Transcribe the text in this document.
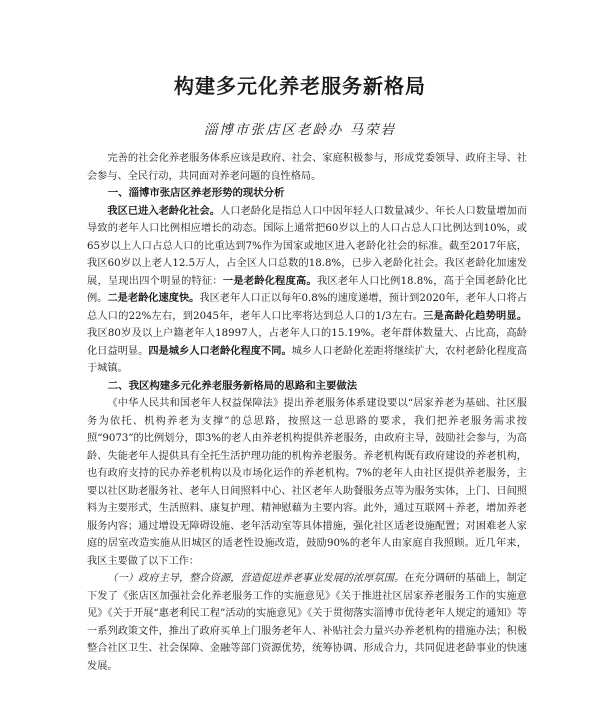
构建多元化养老服务新格局
淄博市张店区老龄办 马荣岩

完善的社会化养老服务体系应该是政府、社会、家庭积极参与，形成党委领导、政府主导、社会参与、全民行动，共同面对养老问题的良性格局。

一、淄博市张店区养老形势的现状分析

我区已进入老龄化社会。人口老龄化是指总人口中因年轻人口数量减少、年长人口数量增加而导致的老年人口比例相应增长的动态。国际上通常把60岁以上的人口占总人口比例达到10%，或65岁以上人口占总人口的比重达到7%作为国家或地区进入老龄化社会的标准。截至2017年底，我区60岁以上老人12.5万人，占全区人口总数的18.8%，已步入老龄化社会。我区老龄化加速发展，呈现出四个明显的特征：一是老龄化程度高。我区老年人口比例18.8%，高于全国老龄化比例。二是老龄化速度快。我区老年人口正以每年0.8%的速度递增，预计到2020年，老年人口将占总人口的22%左右，到2045年，老年人口比率将达到总人口的1/3左右。三是高龄化趋势明显。我区80岁及以上户籍老年人18997人，占老年人口的15.19%。老年群体数量大、占比高，高龄化日益明显。四是城乡人口老龄化程度不同。城乡人口老龄化差距将继续扩大，农村老龄化程度高于城镇。

二、我区构建多元化养老服务新格局的思路和主要做法

《中华人民共和国老年人权益保障法》提出养老服务体系建设要以“居家养老为基础、社区服务为依托、机构养老为支撑”的总思路，按照这一总思路的要求，我们把养老服务需求按照“9073”的比例划分，即3%的老人由养老机构提供养老服务，由政府主导，鼓励社会参与，为高龄、失能老年人提供具有全托生活护理功能的机构养老服务。养老机构既有政府建设的养老机构，也有政府支持的民办养老机构以及市场化运作的养老机构。7%的老年人由社区提供养老服务，主要以社区助老服务社、老年人日间照料中心、社区老年人助餐服务点等为服务实体，上门、日间照料为主要形式，生活照料、康复护理、精神慰藉为主要内容。此外，通过互联网＋养老，增加养老服务内容；通过增设无障碍设施、老年活动室等具体措施，强化社区适老设施配置；对困难老人家庭的居室改造实施从旧城区的适老性设施改造，鼓励90%的老年人由家庭自我照顾。近几年来，我区主要做了以下工作：

（一）政府主导，整合资源，营造促进养老事业发展的浓厚氛围。在充分调研的基础上，制定下发了《张店区加强社会化养老服务工作的实施意见》《关于推进社区居家养老服务工作的实施意见》《关于开展“惠老利民工程”活动的实施意见》《关于贯彻落实淄博市优待老年人规定的通知》等一系列政策文件，推出了政府买单上门服务老年人、补贴社会力量兴办养老机构的措施办法；积极整合社区卫生、社会保障、金融等部门资源优势，统筹协调、形成合力，共同促进老龄事业的快速发展。
